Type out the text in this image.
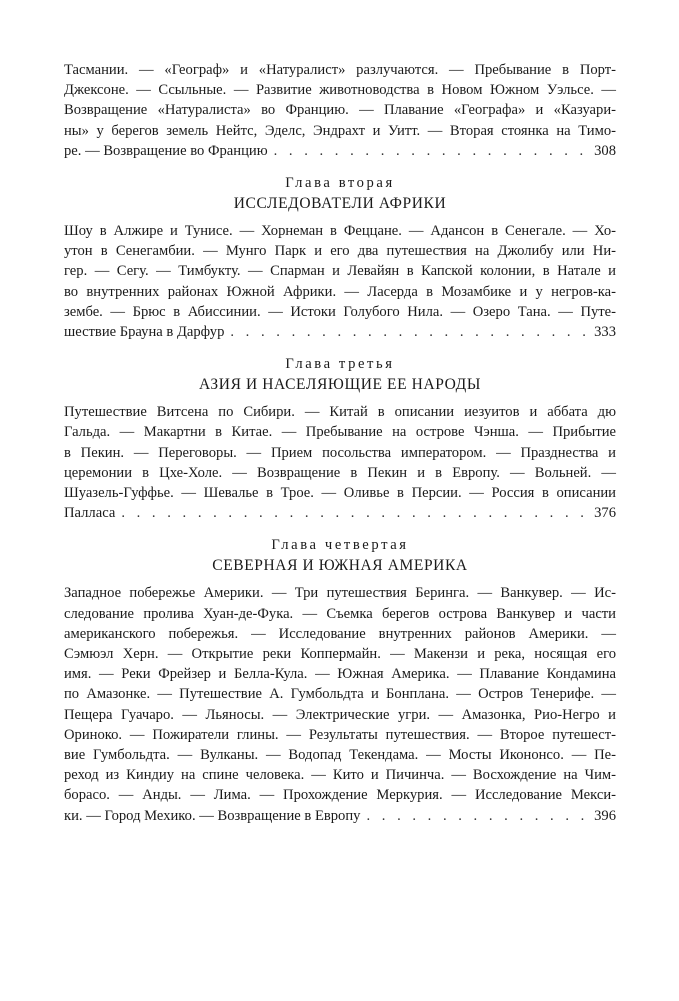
Тасмании. — «Географ» и «Натуралист» разлучаются. — Пребывание в Порт-
Джексоне. — Ссыльные. — Развитие животноводства в Новом Южном Уэльсе. —
Возвращение «Натуралиста» во Францию. — Плавание «Географа» и «Казуари-
ны» у берегов земель Нейтс, Эделс, Эндрахт и Уитт. — Вторая стоянка на Тимо-

ре. — Возвращение во Францию . . .	308
Глава вторая
ИССЛЕДОВАТЕЛИ АФРИКИ

Шоу в Алжире и Тунисе. — Хорнеман в Феццане. — Адансон в Сенегале. — Хо-
утон в Сенегамбии. — Мунго Парк и его два путешествия на Джолибу или Ни-
гер. — Сегу. — Тимбукту. — Спарман и Левайян в Капской колонии, в Натале и
во внутренних районах Южной Африки. — Ласерда в Мозамбике и у негров-ка-
зембе. — Брюс в Абиссинии. — Истоки Голубого Нила. — Озеро Тана. — Путе-

шествие Брауна в Дарфур . . .	333
Глава третья
АЗИЯ И НАСЕЛЯЮЩИЕ ЕЕ НАРОДЫ

Путешествие Витсена по Сибири. — Китай в описании иезуитов и аббата дю
Гальда. — Макартни в Китае. — Пребывание на острове Чэнша. — Прибытие
в Пекин. — Переговоры. — Прием посольства императором. — Празднества и
церемонии в Цхе-Холе. — Возвращение в Пекин и в Европу. — Вольней. —
Шуазель-Гуффье. — Шевалье в Трое. — Оливье в Персии. — Россия в описании

Палласа . . .	376
Глава четвертая
СЕВЕРНАЯ И ЮЖНАЯ АМЕРИКА

Западное побережье Америки. — Три путешествия Беринга. — Ванкувер. — Ис-
следование пролива Хуан-де-Фука. — Съемка берегов острова Ванкувер и части
американского побережья. — Исследование внутренних районов Америки. —
Сэмюэл Херн. — Открытие реки Коппермайн. — Макензи и река, носящая его
имя. — Реки Фрейзер и Белла-Кула. — Южная Америка. — Плавание Кондамина
по Амазонке. — Путешествие А. Гумбольдта и Бонплана. — Остров Тенерифе. —
Пещера Гуачаро. — Льяносы. — Электрические угри. — Амазонка, Рио-Негро и
Ориноко. — Пожиратели глины. — Результаты путешествия. — Второе путешест-
вие Гумбольдта. — Вулканы. — Водопад Текендама. — Мосты Икононсо. — Пе-
реход из Киндиу на спине человека. — Кито и Пичинча. — Восхождение на Чим-
борасо. — Анды. — Лима. — Прохождение Меркурия. — Исследование Мекси-

ки. — Город Мехико. — Возвращение в Европу . . .	396
